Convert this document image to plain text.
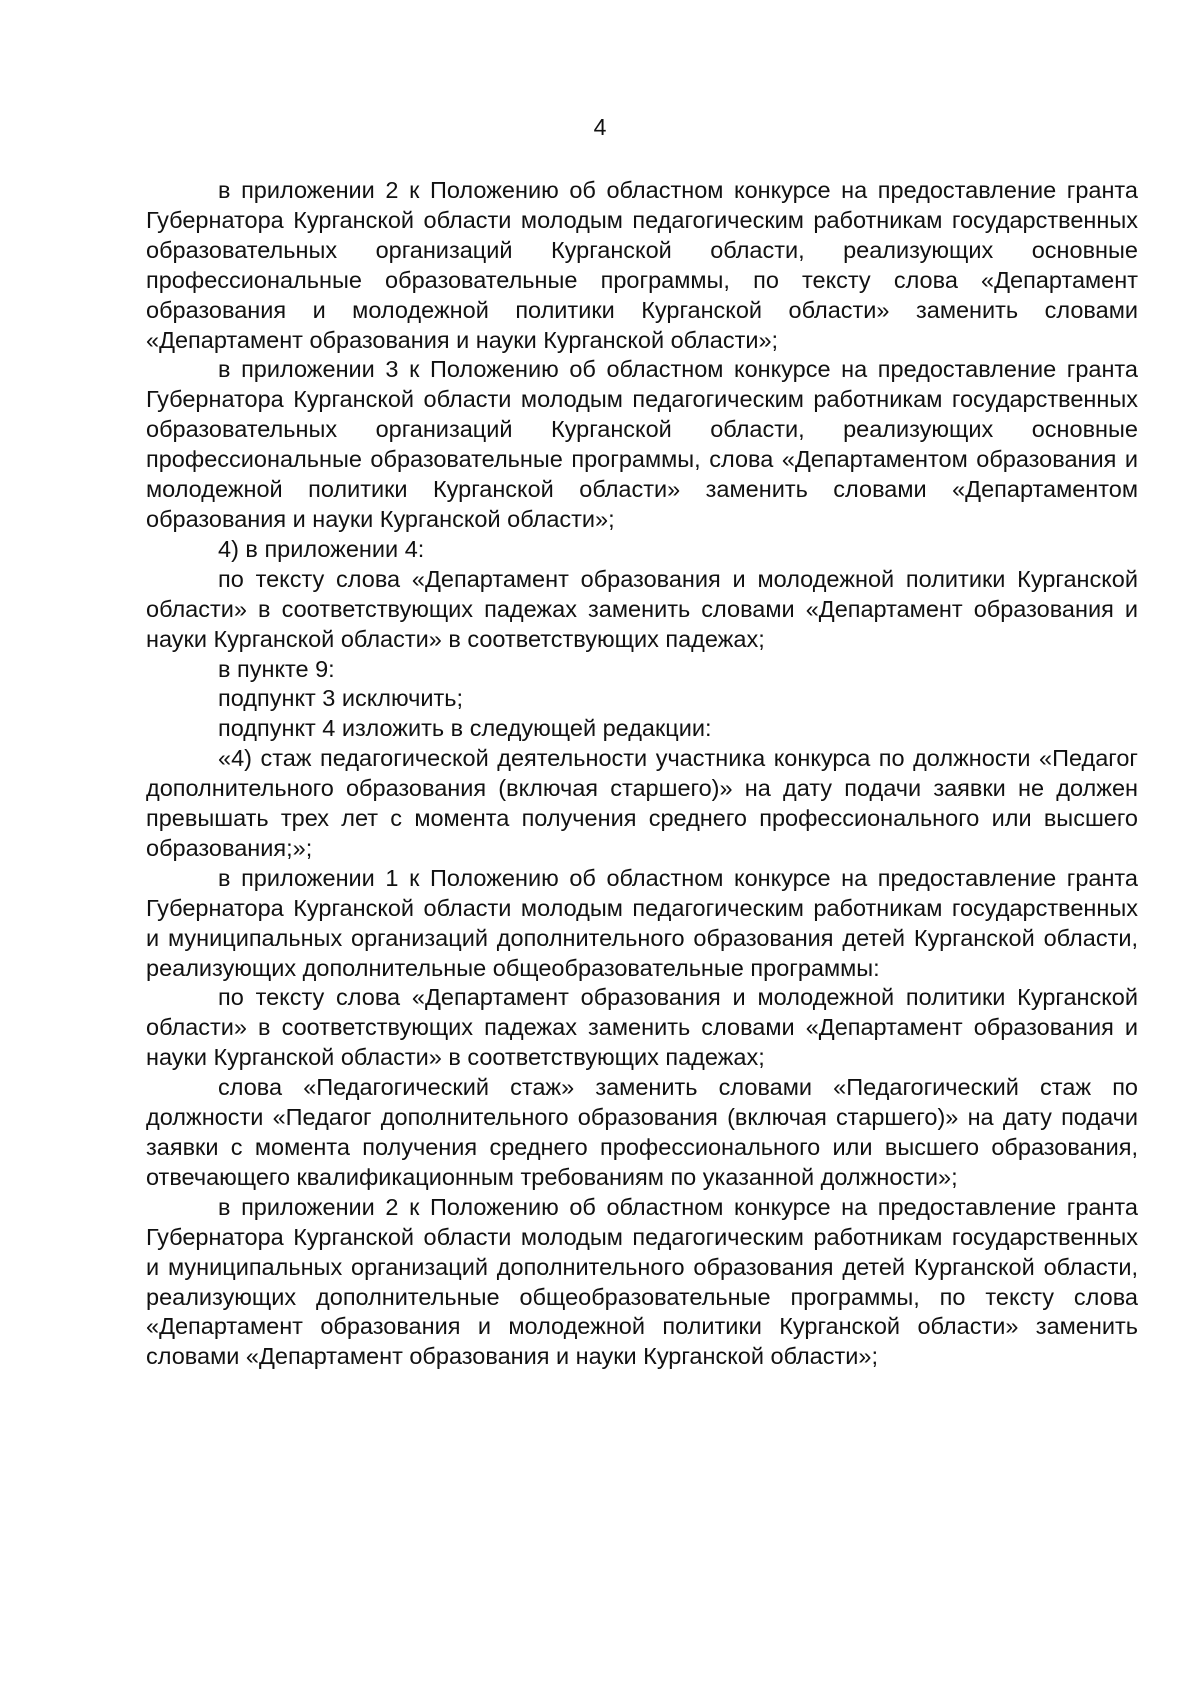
4

в приложении 2 к Положению об областном конкурсе на предоставление гранта Губернатора Курганской области молодым педагогическим работникам государственных образовательных организаций Курганской области, реализующих основные профессиональные образовательные программы, по тексту слова «Департамент образования и молодежной политики Курганской области» заменить словами «Департамент образования и науки Курганской области»;

в приложении 3 к Положению об областном конкурсе на предоставление гранта Губернатора Курганской области молодым педагогическим работникам государственных образовательных организаций Курганской области, реализующих основные профессиональные образовательные программы, слова «Департаментом образования и молодежной политики Курганской области» заменить словами «Департаментом образования и науки Курганской области»;

4) в приложении 4:

по тексту слова «Департамент образования и молодежной политики Курганской области» в соответствующих падежах заменить словами «Департамент образования и науки Курганской области» в соответствующих падежах;

в пункте 9:

подпункт 3 исключить;

подпункт 4 изложить в следующей редакции:

«4) стаж педагогической деятельности участника конкурса по должности «Педагог дополнительного образования (включая старшего)» на дату подачи заявки не должен превышать трех лет с момента получения среднего профессионального или высшего образования;»;

в приложении 1 к Положению об областном конкурсе на предоставление гранта Губернатора Курганской области молодым педагогическим работникам государственных и муниципальных организаций дополнительного образования детей Курганской области, реализующих дополнительные общеобразовательные программы:

по тексту слова «Департамент образования и молодежной политики Курганской области» в соответствующих падежах заменить словами «Департамент образования и науки Курганской области» в соответствующих падежах;

слова «Педагогический стаж» заменить словами «Педагогический стаж по должности «Педагог дополнительного образования (включая старшего)» на дату подачи заявки с момента получения среднего профессионального или высшего образования, отвечающего квалификационным требованиям по указанной должности»;

в приложении 2 к Положению об областном конкурсе на предоставление гранта Губернатора Курганской области молодым педагогическим работникам государственных и муниципальных организаций дополнительного образования детей Курганской области, реализующих дополнительные общеобразовательные программы, по тексту слова «Департамент образования и молодежной политики Курганской области» заменить словами «Департамент образования и науки Курганской области»;
